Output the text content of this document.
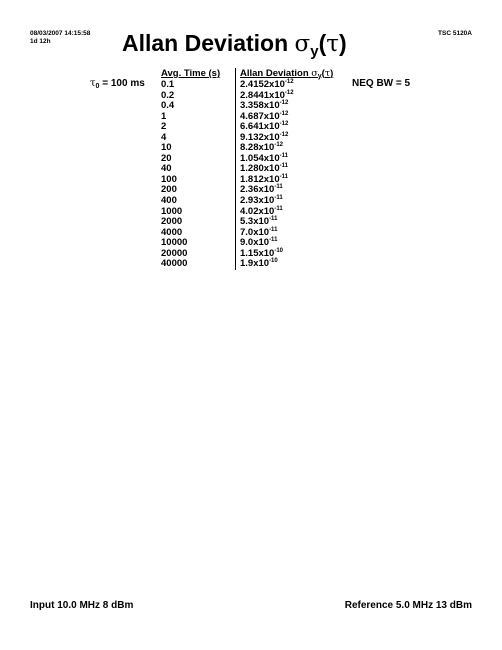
08/03/2007 14:15:58
1d 12h
TSC 5120A
Allan Deviation $\sigma_y(\tau)$
$\tau_0 = 100$ ms	NEQ BW = 5
Avg. Time (s)	Allan Deviation $\sigma_y(\tau)$
0.1	$2.4152x10^{-12}$
0.2	$2.8441x10^{-12}$
0.4	$3.358x10^{-12}$
1	$4.687x10^{-12}$
2	$6.641x10^{-12}$
4	$9.132x10^{-12}$
10	$8.28x10^{-12}$
20	$1.054x10^{-11}$
40	$1.280x10^{-11}$
100	$1.812x10^{-11}$
200	$2.36x10^{-11}$
400	$2.93x10^{-11}$
1000	$4.02x10^{-11}$
2000	$5.3x10^{-11}$
4000	$7.0x10^{-11}$
10000	$9.0x10^{-11}$
20000	$1.15x10^{-10}$
40000	$1.9x10^{-10}$
Input 10.0 MHz 8 dBm	Reference 5.0 MHz 13 dBm
